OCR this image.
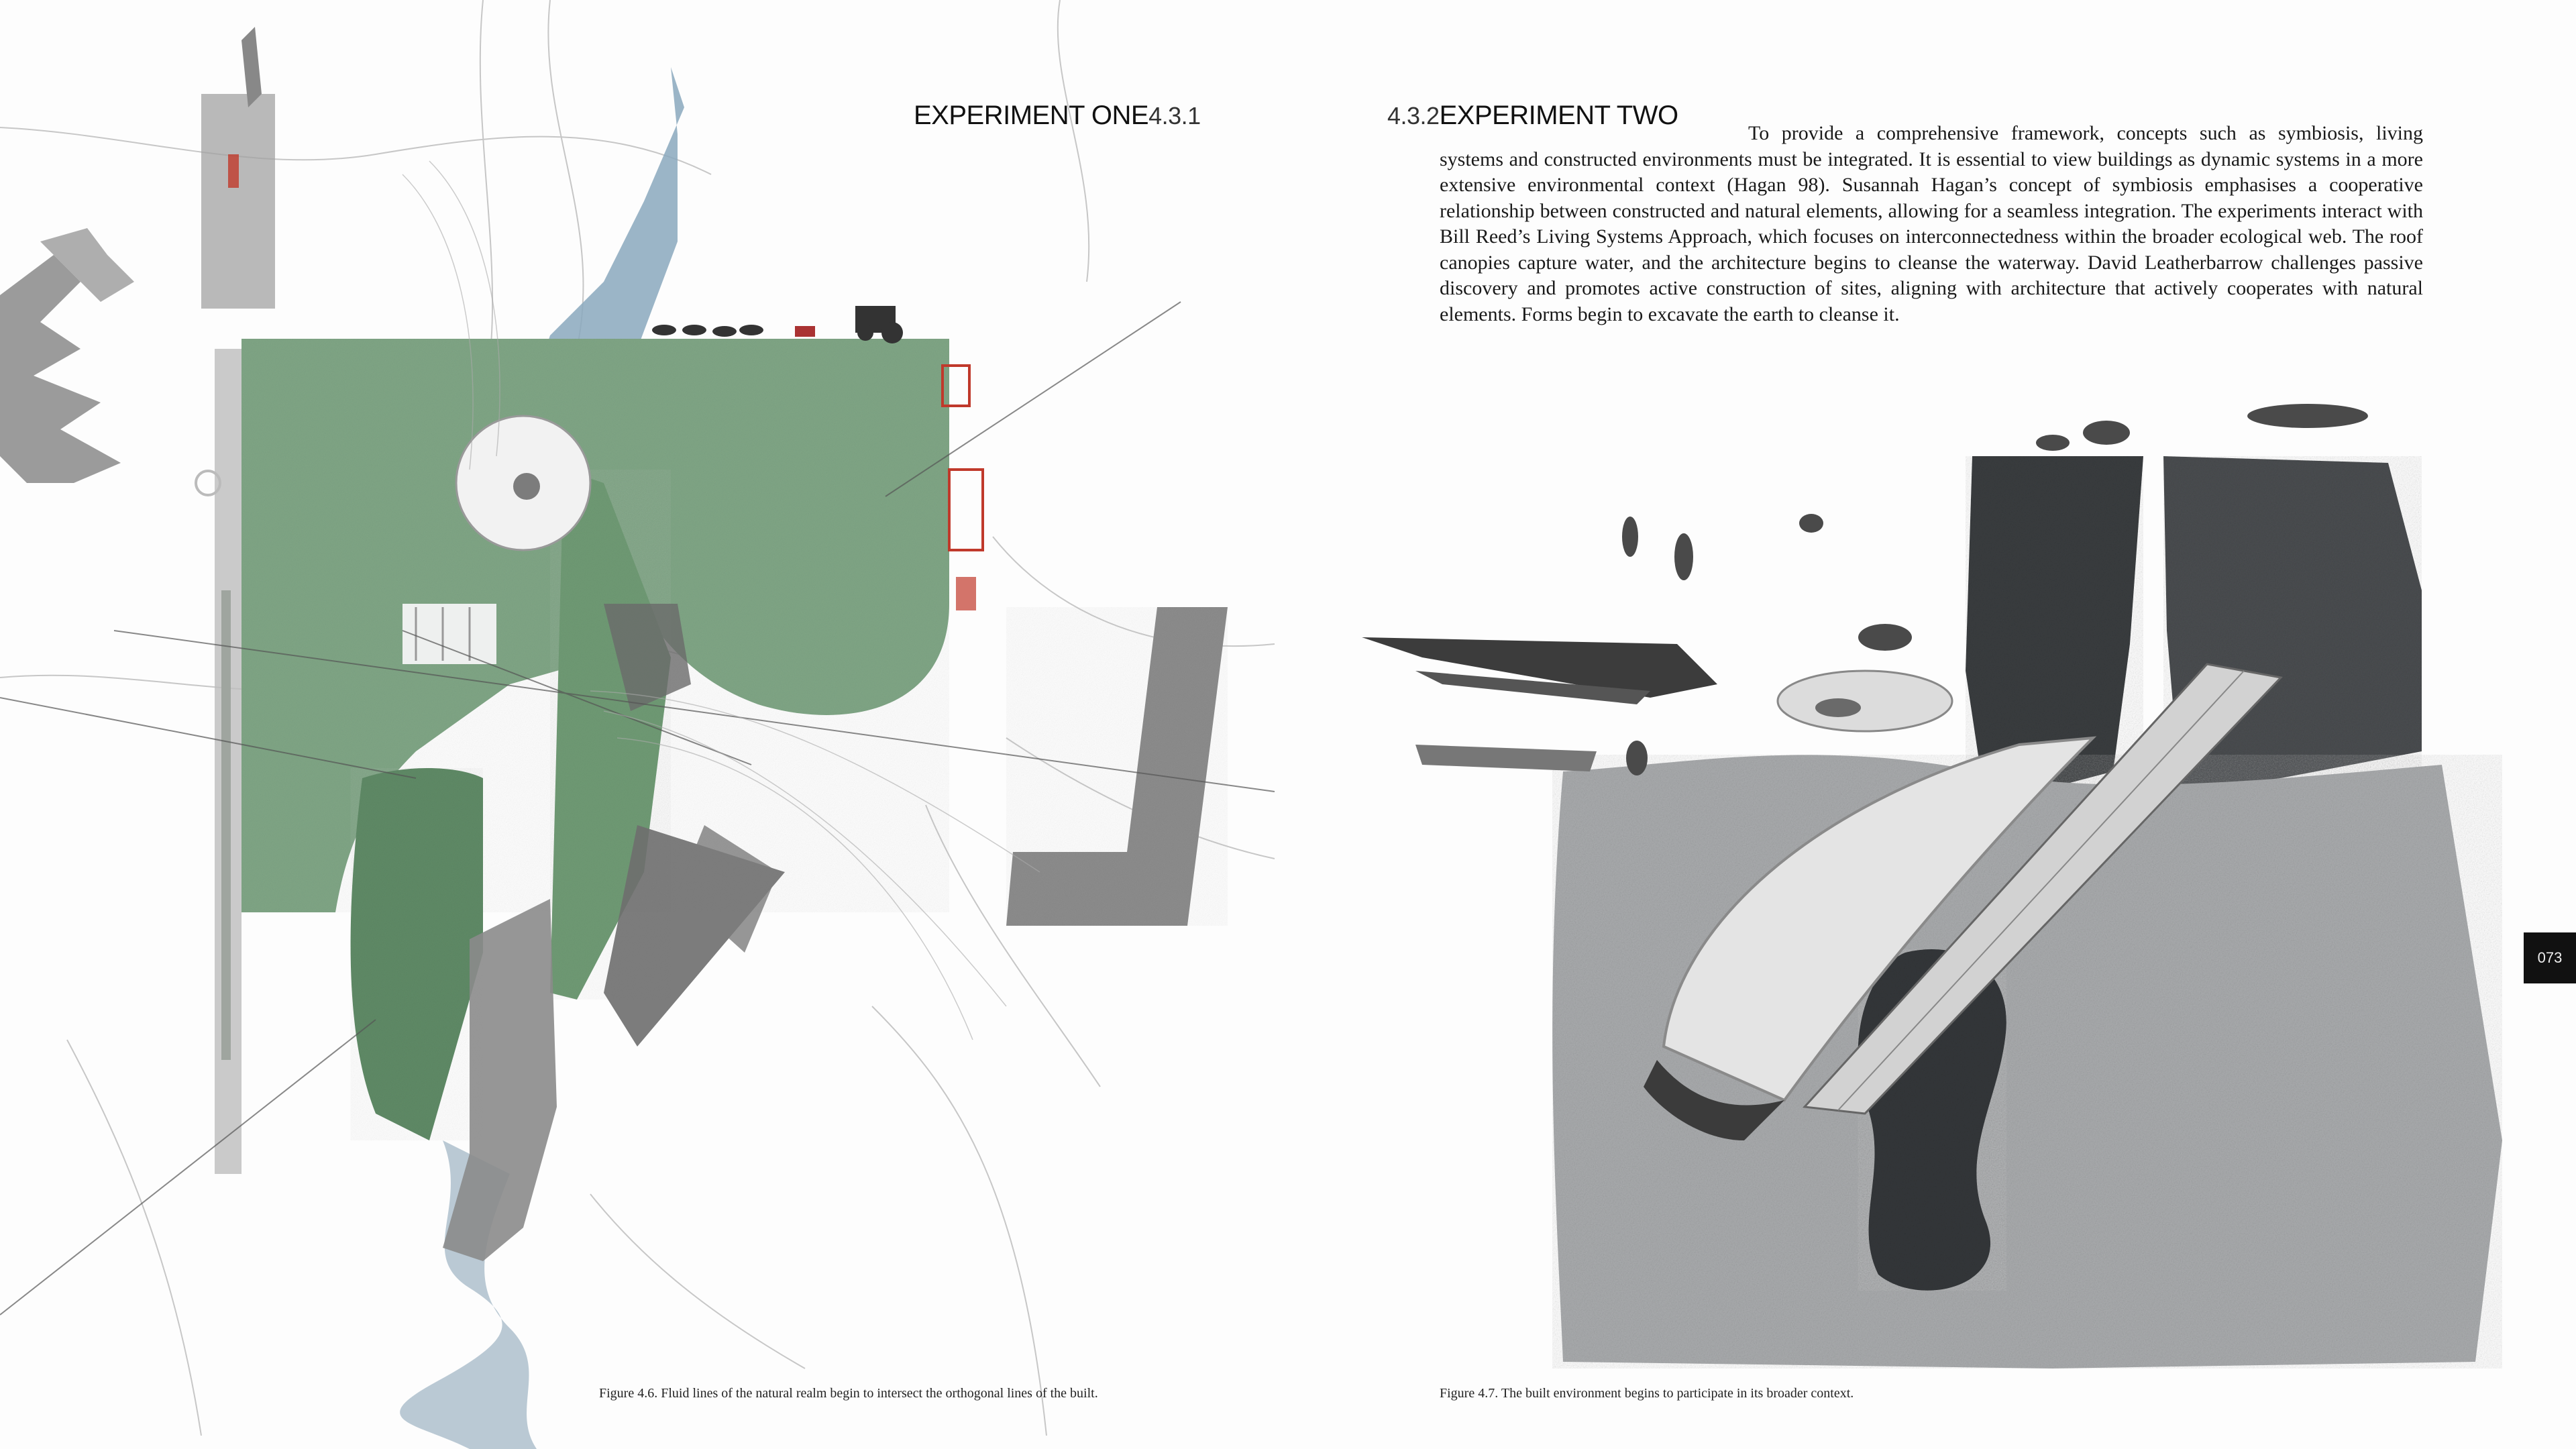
EXPERIMENT ONE4.3.1	4.3.2EXPERIMENT TWO

To provide a comprehensive framework, concepts such as symbiosis, living systems and constructed environments must be integrated. It is essential to view buildings as dynamic systems in a more extensive environmental context (Hagan 98). Susannah Hagan’s concept of symbiosis emphasises a cooperative relationship between constructed and natural elements, allowing for a seamless integration. The experiments interact with Bill Reed’s Living Systems Approach, which focuses on interconnectedness within the broader ecological web. The roof canopies capture water, and the architecture begins to cleanse the waterway. David Leatherbarrow challenges passive discovery and promotes active construction of sites, aligning with architecture that actively cooperates with natural elements. Forms begin to excavate the earth to cleanse it.

Figure 4.6. Fluid lines of the natural realm begin to intersect the orthogonal lines of the built.	Figure 4.7. The built environment begins to participate in its broader context.
073
